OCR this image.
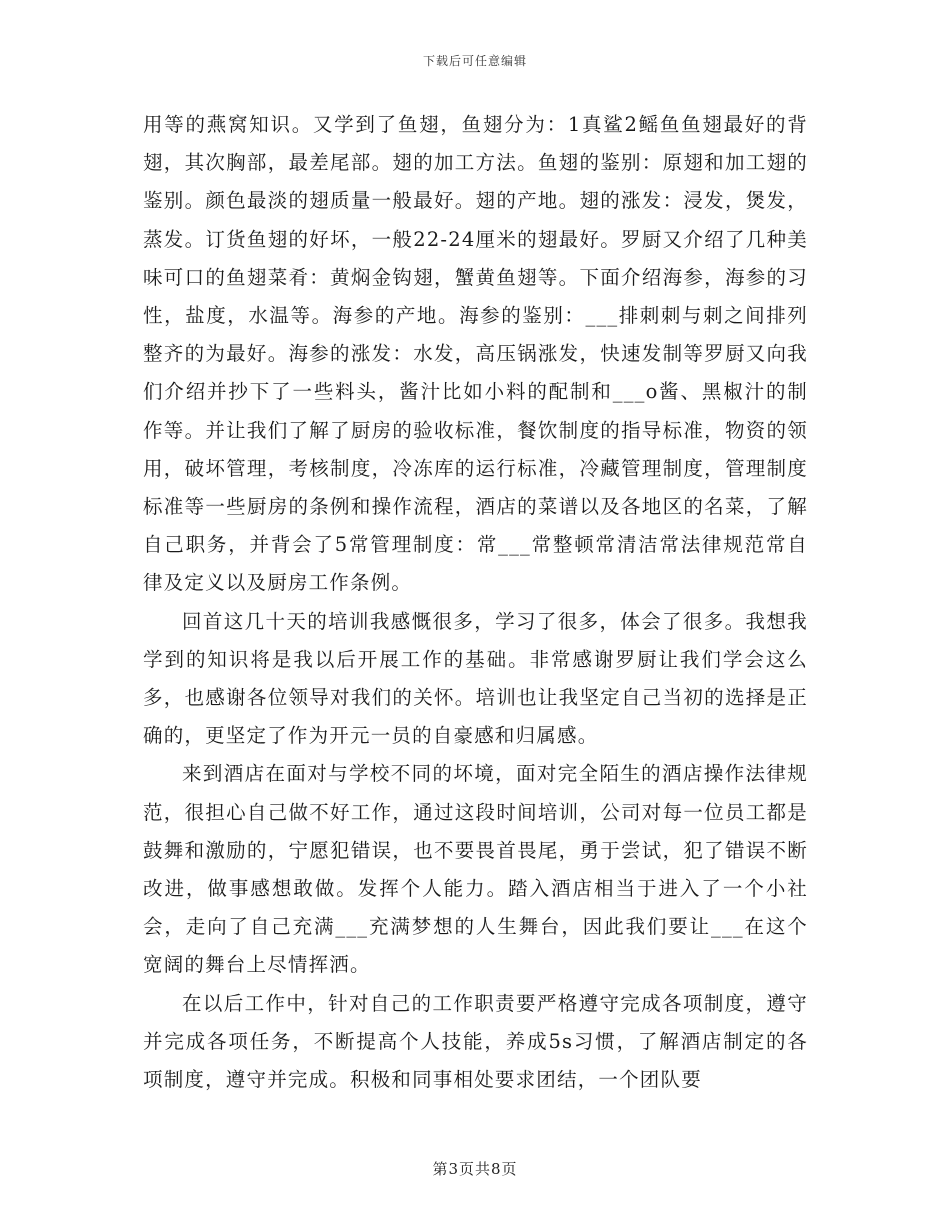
下载后可任意编辑

用等的燕窝知识。又学到了鱼翅，鱼翅分为：1真鲨2鳐鱼鱼翅最好的背翅，其次胸部，最差尾部。翅的加工方法。鱼翅的鉴别：原翅和加工翅的鉴别。颜色最淡的翅质量一般最好。翅的产地。翅的涨发：浸发，煲发，蒸发。订货鱼翅的好坏，一般22-24厘米的翅最好。罗厨又介绍了几种美味可口的鱼翅菜肴：黄焖金钩翅，蟹黄鱼翅等。下面介绍海参，海参的习性，盐度，水温等。海参的产地。海参的鉴别：___排刺刺与刺之间排列整齐的为最好。海参的涨发：水发，高压锅涨发，快速发制等罗厨又向我们介绍并抄下了一些料头，酱汁比如小料的配制和___o酱、黑椒汁的制作等。并让我们了解了厨房的验收标准，餐饮制度的指导标准，物资的领用，破坏管理，考核制度，冷冻库的运行标准，冷藏管理制度，管理制度标准等一些厨房的条例和操作流程，酒店的菜谱以及各地区的名菜，了解自己职务，并背会了5常管理制度：常___常整顿常清洁常法律规范常自律及定义以及厨房工作条例。

回首这几十天的培训我感慨很多，学习了很多，体会了很多。我想我学到的知识将是我以后开展工作的基础。非常感谢罗厨让我们学会这么多，也感谢各位领导对我们的关怀。培训也让我坚定自己当初的选择是正确的，更坚定了作为开元一员的自豪感和归属感。

来到酒店在面对与学校不同的坏境，面对完全陌生的酒店操作法律规范，很担心自己做不好工作，通过这段时间培训，公司对每一位员工都是鼓舞和激励的，宁愿犯错误，也不要畏首畏尾，勇于尝试，犯了错误不断改进，做事感想敢做。发挥个人能力。踏入酒店相当于进入了一个小社会，走向了自己充满___充满梦想的人生舞台，因此我们要让___在这个宽阔的舞台上尽情挥洒。

在以后工作中，针对自己的工作职责要严格遵守完成各项制度，遵守并完成各项任务，不断提高个人技能，养成5s习惯，了解酒店制定的各项制度，遵守并完成。积极和同事相处要求团结，一个团队要

第3页共8页
